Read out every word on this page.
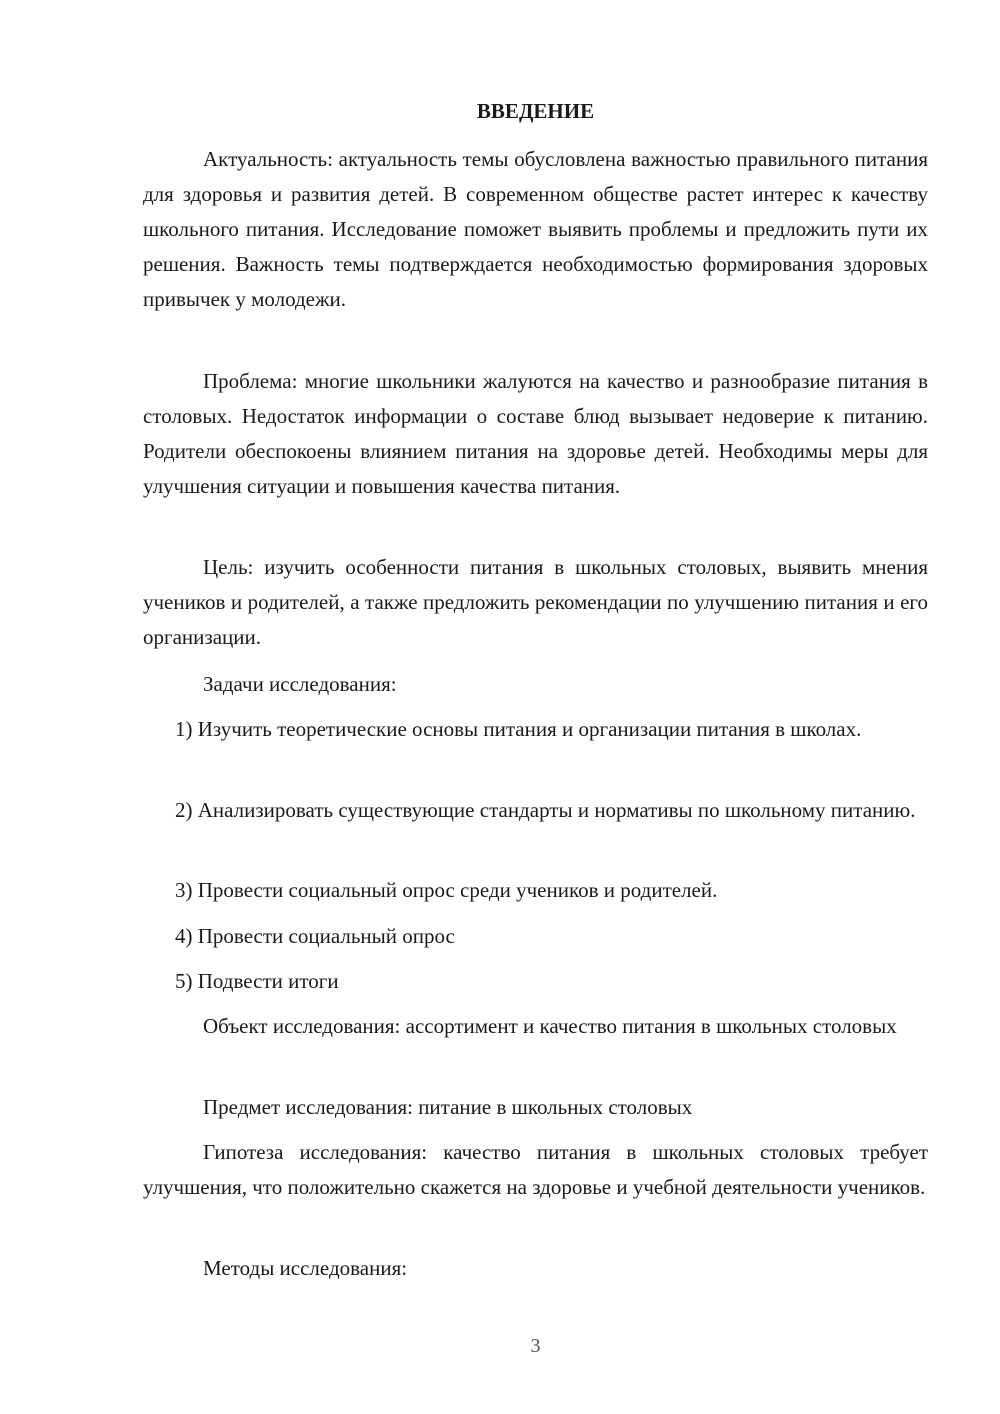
ВВЕДЕНИЕ

Актуальность: актуальность темы обусловлена важностью правильного питания для здоровья и развития детей. В современном обществе растет интерес к качеству школьного питания. Исследование поможет выявить проблемы и предложить пути их решения. Важность темы подтверждается необходимостью формирования здоровых привычек у молодежи.

Проблема: многие школьники жалуются на качество и разнообразие питания в столовых. Недостаток информации о составе блюд вызывает недоверие к питанию. Родители обеспокоены влиянием питания на здоровье детей. Необходимы меры для улучшения ситуации и повышения качества питания.

Цель: изучить особенности питания в школьных столовых, выявить мнения учеников и родителей, а также предложить рекомендации по улучшению питания и его организации.

Задачи исследования:

1) Изучить теоретические основы питания и организации питания в школах.

2) Анализировать существующие стандарты и нормативы по школьному питанию.

3) Провести социальный опрос среди учеников и родителей.

4) Провести социальный опрос

5) Подвести итоги

Объект исследования: ассортимент и качество питания в школьных столовых

Предмет исследования: питание в школьных столовых

Гипотеза исследования: качество питания в школьных столовых требует улучшения, что положительно скажется на здоровье и учебной деятельности учеников.

Методы исследования:

3
